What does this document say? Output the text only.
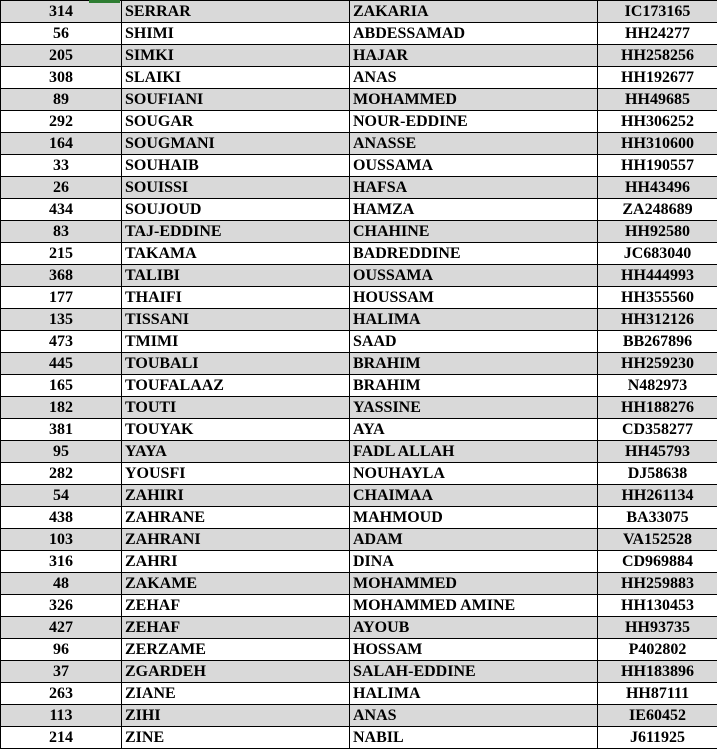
314	SERRAR	ZAKARIA	IC173165
56	SHIMI	ABDESSAMAD	HH24277
205	SIMKI	HAJAR	HH258256
308	SLAIKI	ANAS	HH192677
89	SOUFIANI	MOHAMMED	HH49685
292	SOUGAR	NOUR-EDDINE	HH306252
164	SOUGMANI	ANASSE	HH310600
33	SOUHAIB	OUSSAMA	HH190557
26	SOUISSI	HAFSA	HH43496
434	SOUJOUD	HAMZA	ZA248689
83	TAJ-EDDINE	CHAHINE	HH92580
215	TAKAMA	BADREDDINE	JC683040
368	TALIBI	OUSSAMA	HH444993
177	THAIFI	HOUSSAM	HH355560
135	TISSANI	HALIMA	HH312126
473	TMIMI	SAAD	BB267896
445	TOUBALI	BRAHIM	HH259230
165	TOUFALAAZ	BRAHIM	N482973
182	TOUTI	YASSINE	HH188276
381	TOUYAK	AYA	CD358277
95	YAYA	FADL ALLAH	HH45793
282	YOUSFI	NOUHAYLA	DJ58638
54	ZAHIRI	CHAIMAA	HH261134
438	ZAHRANE	MAHMOUD	BA33075
103	ZAHRANI	ADAM	VA152528
316	ZAHRI	DINA	CD969884
48	ZAKAME	MOHAMMED	HH259883
326	ZEHAF	MOHAMMED AMINE	HH130453
427	ZEHAF	AYOUB	HH93735
96	ZERZAME	HOSSAM	P402802
37	ZGARDEH	SALAH-EDDINE	HH183896
263	ZIANE	HALIMA	HH87111
113	ZIHI	ANAS	IE60452
214	ZINE	NABIL	J611925
